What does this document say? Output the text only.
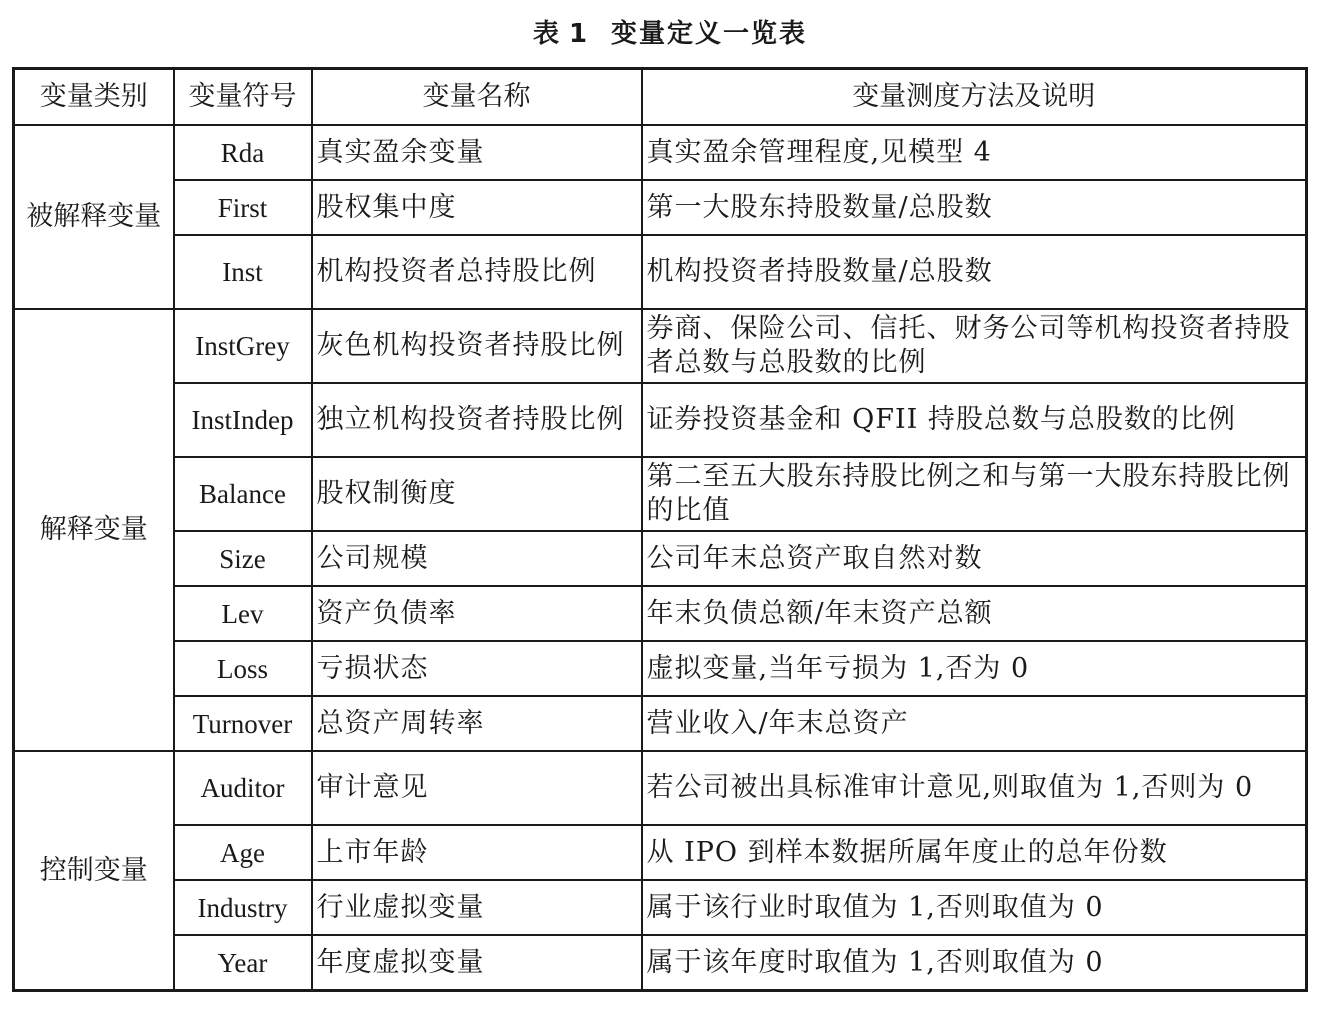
表 1 变量定义一览表
变量类别	变量符号	变量名称	变量测度方法及说明
被解释变量	Rda	真实盈余变量	真实盈余管理程度,见模型 4
	First	股权集中度	第一大股东持股数量/总股数
	Inst	机构投资者总持股比例	机构投资者持股数量/总股数
解释变量	InstGrey	灰色机构投资者持股比例	券商、保险公司、信托、财务公司等机构投资者持股者总数与总股数的比例
	InstIndep	独立机构投资者持股比例	证券投资基金和 QFII 持股总数与总股数的比例
	Balance	股权制衡度	第二至五大股东持股比例之和与第一大股东持股比例的比值
	Size	公司规模	公司年末总资产取自然对数
	Lev	资产负债率	年末负债总额/年末资产总额
	Loss	亏损状态	虚拟变量,当年亏损为 1,否为 0
	Turnover	总资产周转率	营业收入/年末总资产
控制变量	Auditor	审计意见	若公司被出具标准审计意见,则取值为 1,否则为 0
	Age	上市年龄	从 IPO 到样本数据所属年度止的总年份数
	Industry	行业虚拟变量	属于该行业时取值为 1,否则取值为 0
	Year	年度虚拟变量	属于该年度时取值为 1,否则取值为 0
